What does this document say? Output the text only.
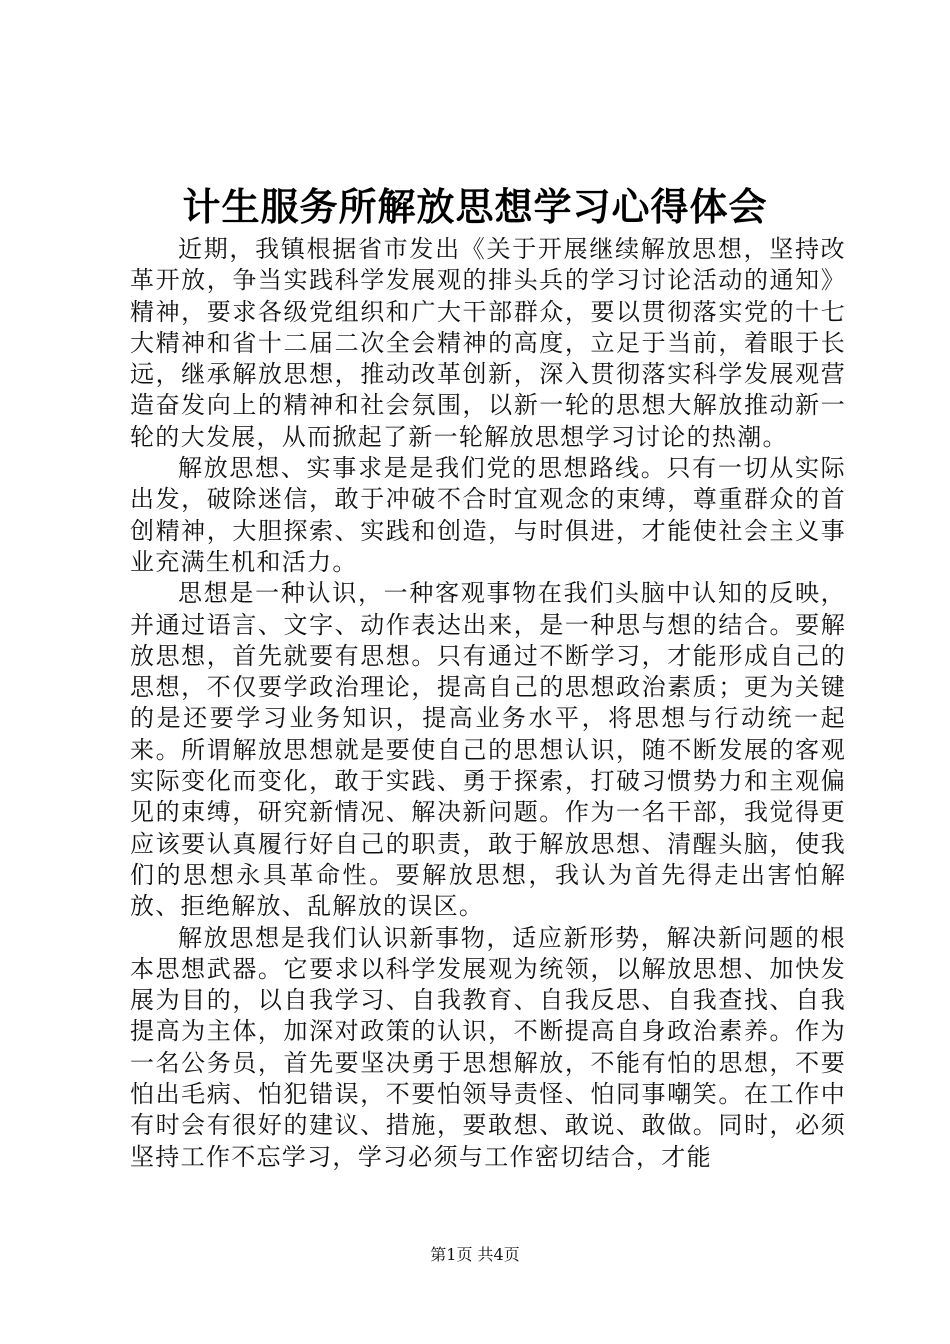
计生服务所解放思想学习心得体会

近期，我镇根据省市发出《关于开展继续解放思想，坚持改革开放，争当实践科学发展观的排头兵的学习讨论活动的通知》精神，要求各级党组织和广大干部群众，要以贯彻落实党的十七大精神和省十二届二次全会精神的高度，立足于当前，着眼于长远，继承解放思想，推动改革创新，深入贯彻落实科学发展观营造奋发向上的精神和社会氛围，以新一轮的思想大解放推动新一轮的大发展，从而掀起了新一轮解放思想学习讨论的热潮。

解放思想、实事求是是我们党的思想路线。只有一切从实际出发，破除迷信，敢于冲破不合时宜观念的束缚，尊重群众的首创精神，大胆探索、实践和创造，与时俱进，才能使社会主义事业充满生机和活力。

思想是一种认识，一种客观事物在我们头脑中认知的反映，并通过语言、文字、动作表达出来，是一种思与想的结合。要解放思想，首先就要有思想。只有通过不断学习，才能形成自己的思想，不仅要学政治理论，提高自己的思想政治素质；更为关键的是还要学习业务知识，提高业务水平，将思想与行动统一起来。所谓解放思想就是要使自己的思想认识，随不断发展的客观实际变化而变化，敢于实践、勇于探索，打破习惯势力和主观偏见的束缚，研究新情况、解决新问题。作为一名干部，我觉得更应该要认真履行好自己的职责，敢于解放思想、清醒头脑，使我们的思想永具革命性。要解放思想，我认为首先得走出害怕解放、拒绝解放、乱解放的误区。

解放思想是我们认识新事物，适应新形势，解决新问题的根本思想武器。它要求以科学发展观为统领，以解放思想、加快发展为目的，以自我学习、自我教育、自我反思、自我查找、自我提高为主体，加深对政策的认识，不断提高自身政治素养。作为一名公务员，首先要坚决勇于思想解放，不能有怕的思想，不要怕出毛病、怕犯错误，不要怕领导责怪、怕同事嘲笑。在工作中有时会有很好的建议、措施，要敢想、敢说、敢做。同时，必须坚持工作不忘学习，学习必须与工作密切结合，才能

第1页 共4页
